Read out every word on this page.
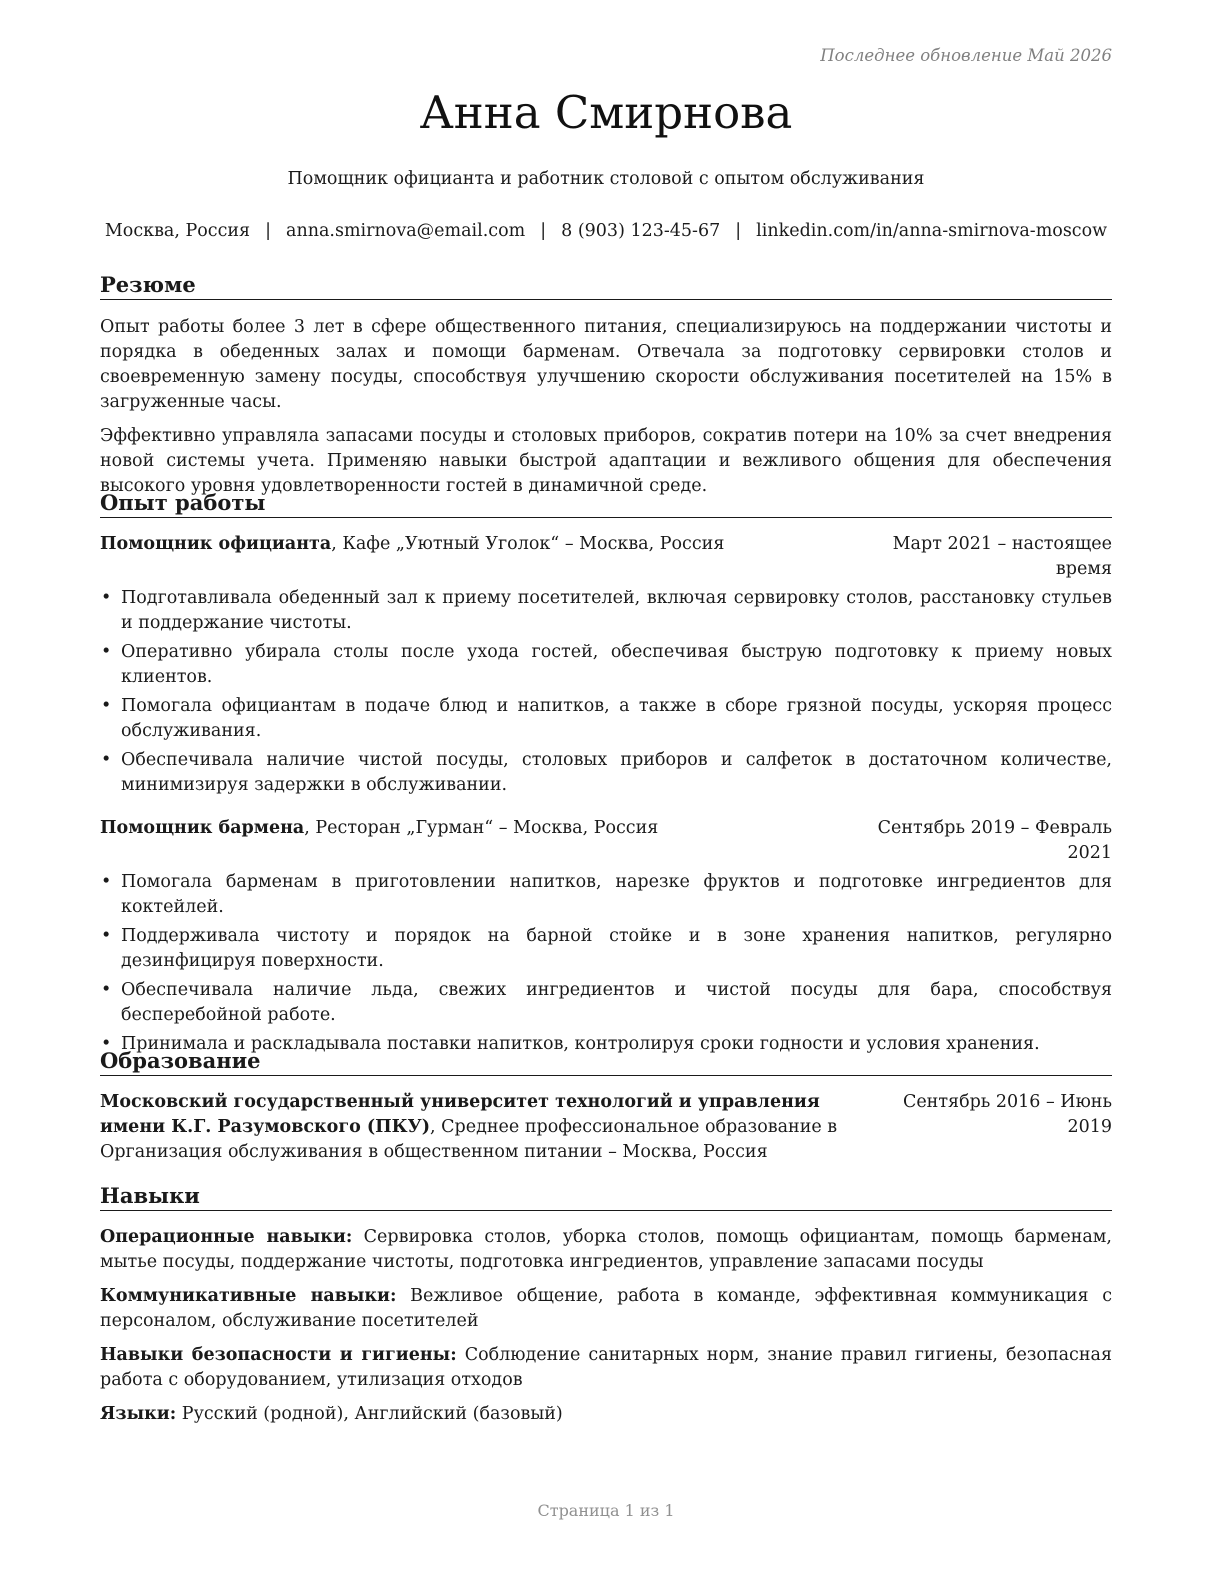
Последнее обновление Май 2026
Анна Смирнова
Помощник официанта и работник столовой с опытом обслуживания
Москва, Россия | anna.smirnova@email.com | 8 (903) 123-45-67 | linkedin.com/in/anna-smirnova-moscow
Резюме

Опыт работы более 3 лет в сфере общественного питания, специализируюсь на поддержании чистоты и порядка в обеденных залах и помощи барменам. Отвечала за подготовку сервировки столов и своевременную замену посуды, способствуя улучшению скорости обслуживания посетителей на 15% в загруженные часы.

Эффективно управляла запасами посуды и столовых приборов, сократив потери на 10% за счет внедрения новой системы учета. Применяю навыки быстрой адаптации и вежливого общения для обеспечения высокого уровня удовлетворенности гостей в динамичной среде.

Опыт работы
Помощник официанта, Кафе „Уютный Уголок“ – Москва, Россия	Март 2021 – настоящее время
• Подготавливала обеденный зал к приему посетителей, включая сервировку столов, расстановку стульев и поддержание чистоты.
• Оперативно убирала столы после ухода гостей, обеспечивая быструю подготовку к приему новых клиентов.
• Помогала официантам в подаче блюд и напитков, а также в сборе грязной посуды, ускоряя процесс обслуживания.
• Обеспечивала наличие чистой посуды, столовых приборов и салфеток в достаточном количестве, минимизируя задержки в обслуживании.
Помощник бармена, Ресторан „Гурман“ – Москва, Россия	Сентябрь 2019 – Февраль 2021
• Помогала барменам в приготовлении напитков, нарезке фруктов и подготовке ингредиентов для коктейлей.
• Поддерживала чистоту и порядок на барной стойке и в зоне хранения напитков, регулярно дезинфицируя поверхности.
• Обеспечивала наличие льда, свежих ингредиентов и чистой посуды для бара, способствуя бесперебойной работе.
• Принимала и раскладывала поставки напитков, контролируя сроки годности и условия хранения.
Образование
Московский государственный университет технологий и управления имени К.Г. Разумовского (ПКУ), Среднее профессиональное образование в Организация обслуживания в общественном питании – Москва, Россия
Сентябрь 2016 – Июнь 2019
Навыки

Операционные навыки: Сервировка столов, уборка столов, помощь официантам, помощь барменам, мытье посуды, поддержание чистоты, подготовка ингредиентов, управление запасами посуды

Коммуникативные навыки: Вежливое общение, работа в команде, эффективная коммуникация с персоналом, обслуживание посетителей

Навыки безопасности и гигиены: Соблюдение санитарных норм, знание правил гигиены, безопасная работа с оборудованием, утилизация отходов

Языки: Русский (родной), Английский (базовый)

Страница 1 из 1
